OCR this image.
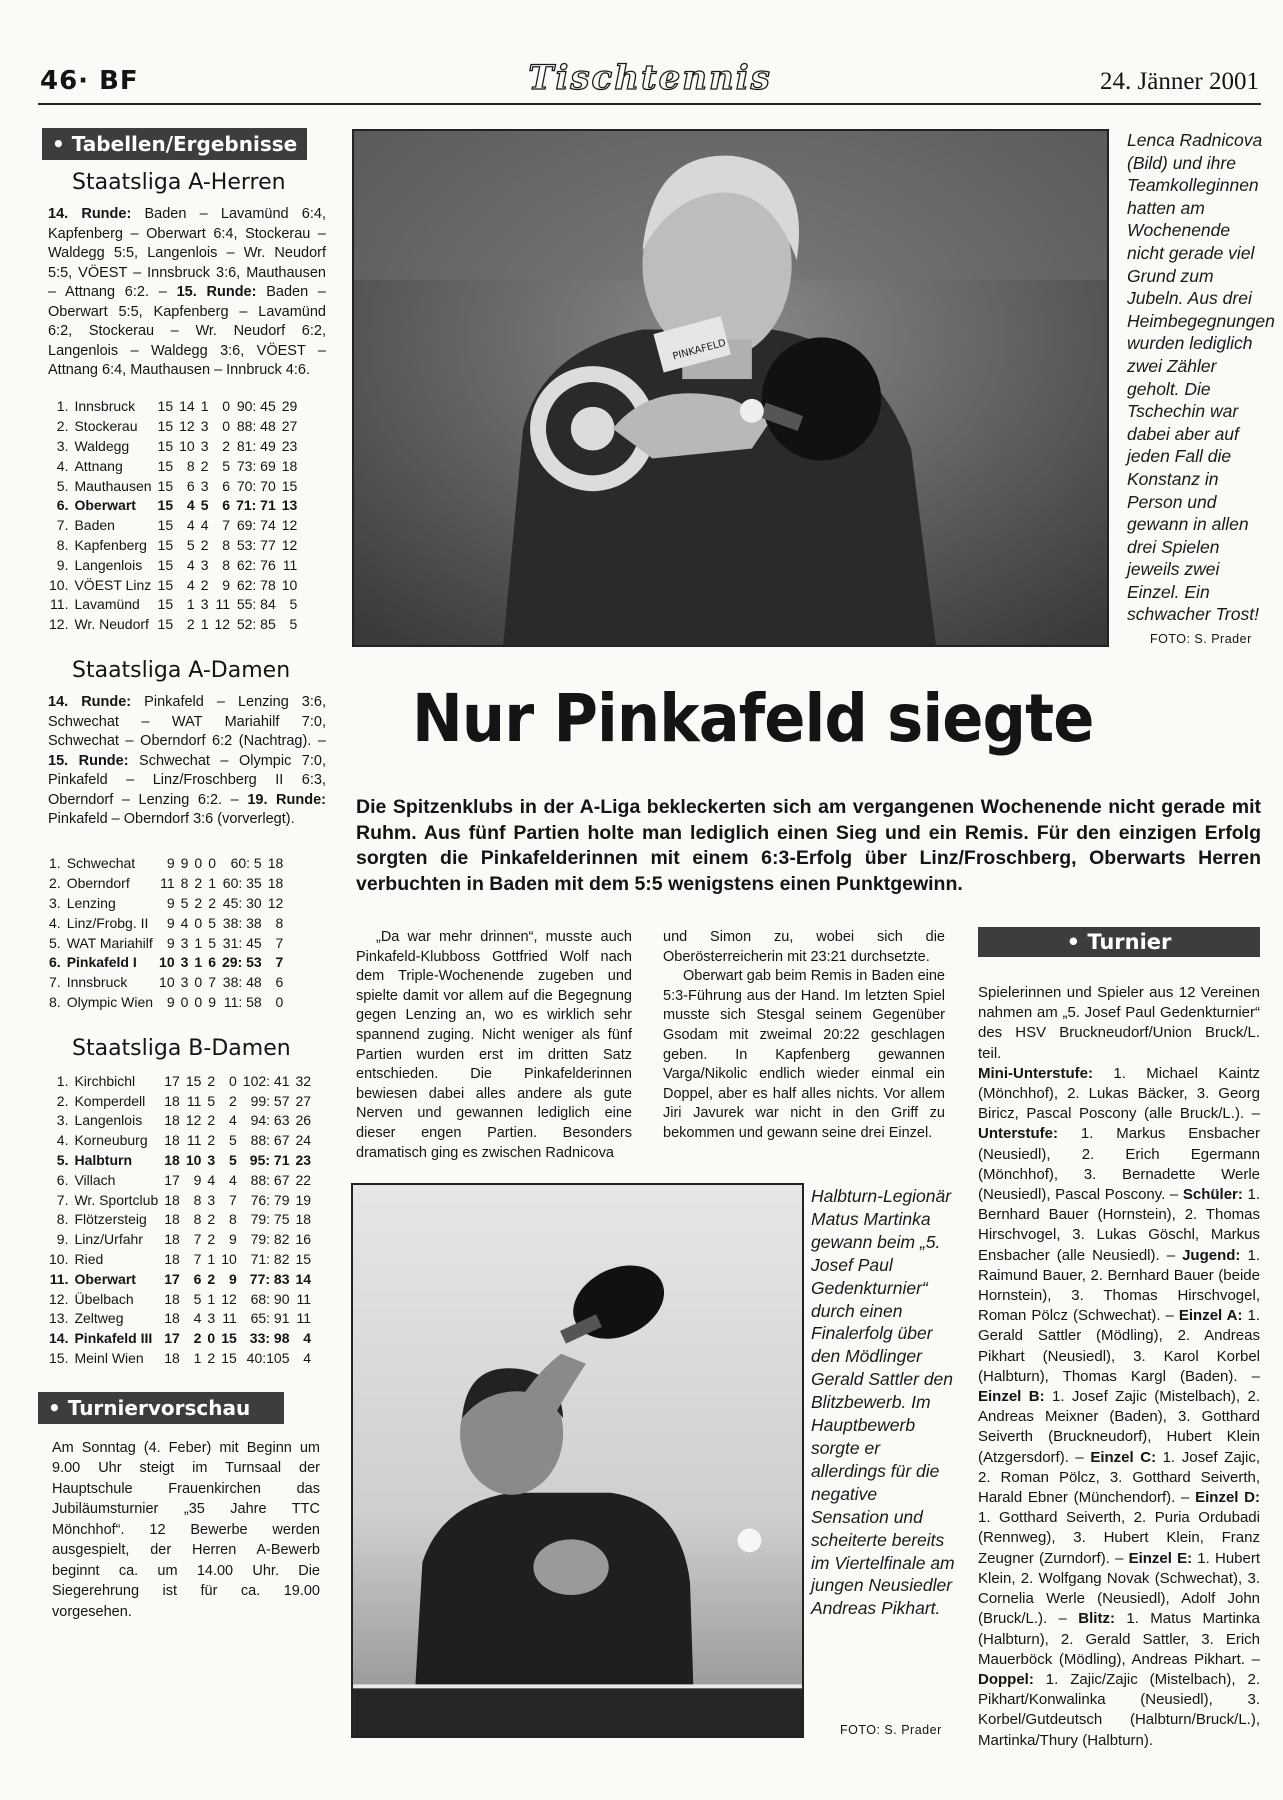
46· BF	Tischtennis	24. Jänner 2001
• Tabellen/Ergebnisse
Staatsliga A-Herren
14. Runde: Baden – Lavamünd 6:4, Kapfenberg – Oberwart 6:4, Stockerau – Waldegg 5:5, Langenlois – Wr. Neudorf 5:5, VÖEST – Innsbruck 3:6, Mauthausen – Attnang 6:2. – 15. Runde: Baden – Oberwart 5:5, Kapfenberg – Lavamünd 6:2, Stockerau – Wr. Neudorf 6:2, Langenlois – Waldegg 3:6, VÖEST – Attnang 6:4, Mauthausen – Innbruck 4:6.
1.	Innsbruck	15	14	1	0	90: 45	29
2.	Stockerau	15	12	3	0	88: 48	27
3.	Waldegg	15	10	3	2	81: 49	23
4.	Attnang	15	8	2	5	73: 69	18
5.	Mauthausen	15	6	3	6	70: 70	15
6.	Oberwart	15	4	5	6	71: 71	13
7.	Baden	15	4	4	7	69: 74	12
8.	Kapfenberg	15	5	2	8	53: 77	12
9.	Langenlois	15	4	3	8	62: 76	11
10.	VÖEST Linz	15	4	2	9	62: 78	10
11.	Lavamünd	15	1	3	11	55: 84	5
12.	Wr. Neudorf	15	2	1	12	52: 85	5
Staatsliga A-Damen
14. Runde: Pinkafeld – Lenzing 3:6, Schwechat – WAT Mariahilf 7:0, Schwechat – Oberndorf 6:2 (Nachtrag). – 15. Runde: Schwechat – Olympic 7:0, Pinkafeld – Linz/Froschberg II 6:3, Oberndorf – Lenzing 6:2. – 19. Runde: Pinkafeld – Oberndorf 3:6 (vorverlegt).
1.	Schwechat	9	9	0	0	60: 5	18
2.	Oberndorf	11	8	2	1	60: 35	18
3.	Lenzing	9	5	2	2	45: 30	12
4.	Linz/Frobg. II	9	4	0	5	38: 38	8
5.	WAT Mariahilf	9	3	1	5	31: 45	7
6.	Pinkafeld I	10	3	1	6	29: 53	7
7.	Innsbruck	10	3	0	7	38: 48	6
8.	Olympic Wien	9	0	0	9	11: 58	0
Staatsliga B-Damen
1.	Kirchbichl	17	15	2	0	102: 41	32
2.	Komperdell	18	11	5	2	99: 57	27
3.	Langenlois	18	12	2	4	94: 63	26
4.	Korneuburg	18	11	2	5	88: 67	24
5.	Halbturn	18	10	3	5	95: 71	23
6.	Villach	17	9	4	4	88: 67	22
7.	Wr. Sportclub	18	8	3	7	76: 79	19
8.	Flötzersteig	18	8	2	8	79: 75	18
9.	Linz/Urfahr	18	7	2	9	79: 82	16
10.	Ried	18	7	1	10	71: 82	15
11.	Oberwart	17	6	2	9	77: 83	14
12.	Übelbach	18	5	1	12	68: 90	11
13.	Zeltweg	18	4	3	11	65: 91	11
14.	Pinkafeld III	17	2	0	15	33: 98	4
15.	Meinl Wien	18	1	2	15	40:105	4
• Turniervorschau
Am Sonntag (4. Feber) mit Beginn um 9.00 Uhr steigt im Turnsaal der Hauptschule Frauenkirchen das Jubiläumsturnier „35 Jahre TTC Mönchhof“. 12 Bewerbe werden ausgespielt, der Herren A-Bewerb beginnt ca. um 14.00 Uhr. Die Siegerehrung ist für ca. 19.00 vorgesehen.
PINKAFELD
Lenca Radnicova (Bild) und ihre Teamkolleginnen hatten am Wochenende nicht gerade viel Grund zum Jubeln. Aus drei Heimbegegnungen wurden lediglich zwei Zähler geholt. Die Tschechin war dabei aber auf jeden Fall die Konstanz in Person und gewann in allen drei Spielen jeweils zwei Einzel. Ein schwacher Trost!
FOTO: S. Prader
Nur Pinkafeld siegte
Die Spitzenklubs in der A-Liga bekleckerten sich am vergangenen Wochenende nicht gerade mit Ruhm. Aus fünf Partien holte man lediglich einen Sieg und ein Remis. Für den einzigen Erfolg sorgten die Pinkafelderinnen mit einem 6:3-Erfolg über Linz/Froschberg, Oberwarts Herren verbuchten in Baden mit dem 5:5 wenigstens einen Punktgewinn.

„Da war mehr drinnen“, musste auch Pinkafeld-Klubboss Gottfried Wolf nach dem Triple-Wochenende zugeben und spielte damit vor allem auf die Begegnung gegen Lenzing an, wo es wirklich sehr spannend zuging. Nicht weniger als fünf Partien wurden erst im dritten Satz entschieden. Die Pinkafelderinnen bewiesen dabei alles andere als gute Nerven und gewannen lediglich eine dieser engen Partien. Besonders dramatisch ging es zwischen Radnicova

und Simon zu, wobei sich die Oberösterreicherin mit 23:21 durchsetzte.

Oberwart gab beim Remis in Baden eine 5:3-Führung aus der Hand. Im letzten Spiel musste sich Stesgal seinem Gegenüber Gsodam mit zweimal 20:22 geschlagen geben. In Kapfenberg gewannen Varga/Nikolic endlich wieder einmal ein Doppel, aber es half alles nichts. Vor allem Jiri Javurek war nicht in den Griff zu bekommen und gewann seine drei Einzel.

Halbturn-Legionär Matus Martinka gewann beim „5. Josef Paul Gedenkturnier“ durch einen Finalerfolg über den Mödlinger Gerald Sattler den Blitzbewerb. Im Hauptbewerb sorgte er allerdings für die negative Sensation und scheiterte bereits im Viertelfinale am jungen Neusiedler Andreas Pikhart.
FOTO: S. Prader
• Turnier

Spielerinnen und Spieler aus 12 Vereinen nahmen am „5. Josef Paul Gedenkturnier“ des HSV Bruckneudorf/Union Bruck/L. teil.

Mini-Unterstufe: 1. Michael Kaintz (Mönchhof), 2. Lukas Bäcker, 3. Georg Biricz, Pascal Poscony (alle Bruck/L.). – Unterstufe: 1. Markus Ensbacher (Neusiedl), 2. Erich Egermann (Mönchhof), 3. Bernadette Werle (Neusiedl), Pascal Poscony. – Schüler: 1. Bernhard Bauer (Hornstein), 2. Thomas Hirschvogel, 3. Lukas Göschl, Markus Ensbacher (alle Neusiedl). – Jugend: 1. Raimund Bauer, 2. Bernhard Bauer (beide Hornstein), 3. Thomas Hirschvogel, Roman Pölcz (Schwechat). – Einzel A: 1. Gerald Sattler (Mödling), 2. Andreas Pikhart (Neusiedl), 3. Karol Korbel (Halbturn), Thomas Kargl (Baden). – Einzel B: 1. Josef Zajic (Mistelbach), 2. Andreas Meixner (Baden), 3. Gotthard Seiverth (Bruckneudorf), Hubert Klein (Atzgersdorf). – Einzel C: 1. Josef Zajic, 2. Roman Pölcz, 3. Gotthard Seiverth, Harald Ebner (Münchendorf). – Einzel D: 1. Gotthard Seiverth, 2. Puria Ordubadi (Rennweg), 3. Hubert Klein, Franz Zeugner (Zurndorf). – Einzel E: 1. Hubert Klein, 2. Wolfgang Novak (Schwechat), 3. Cornelia Werle (Neusiedl), Adolf John (Bruck/L.). – Blitz: 1. Matus Martinka (Halbturn), 2. Gerald Sattler, 3. Erich Mauerböck (Mödling), Andreas Pikhart. – Doppel: 1. Zajic/Zajic (Mistelbach), 2. Pikhart/Konwalinka (Neusiedl), 3. Korbel/Gutdeutsch (Halbturn/Bruck/L.), Martinka/Thury (Halbturn).
